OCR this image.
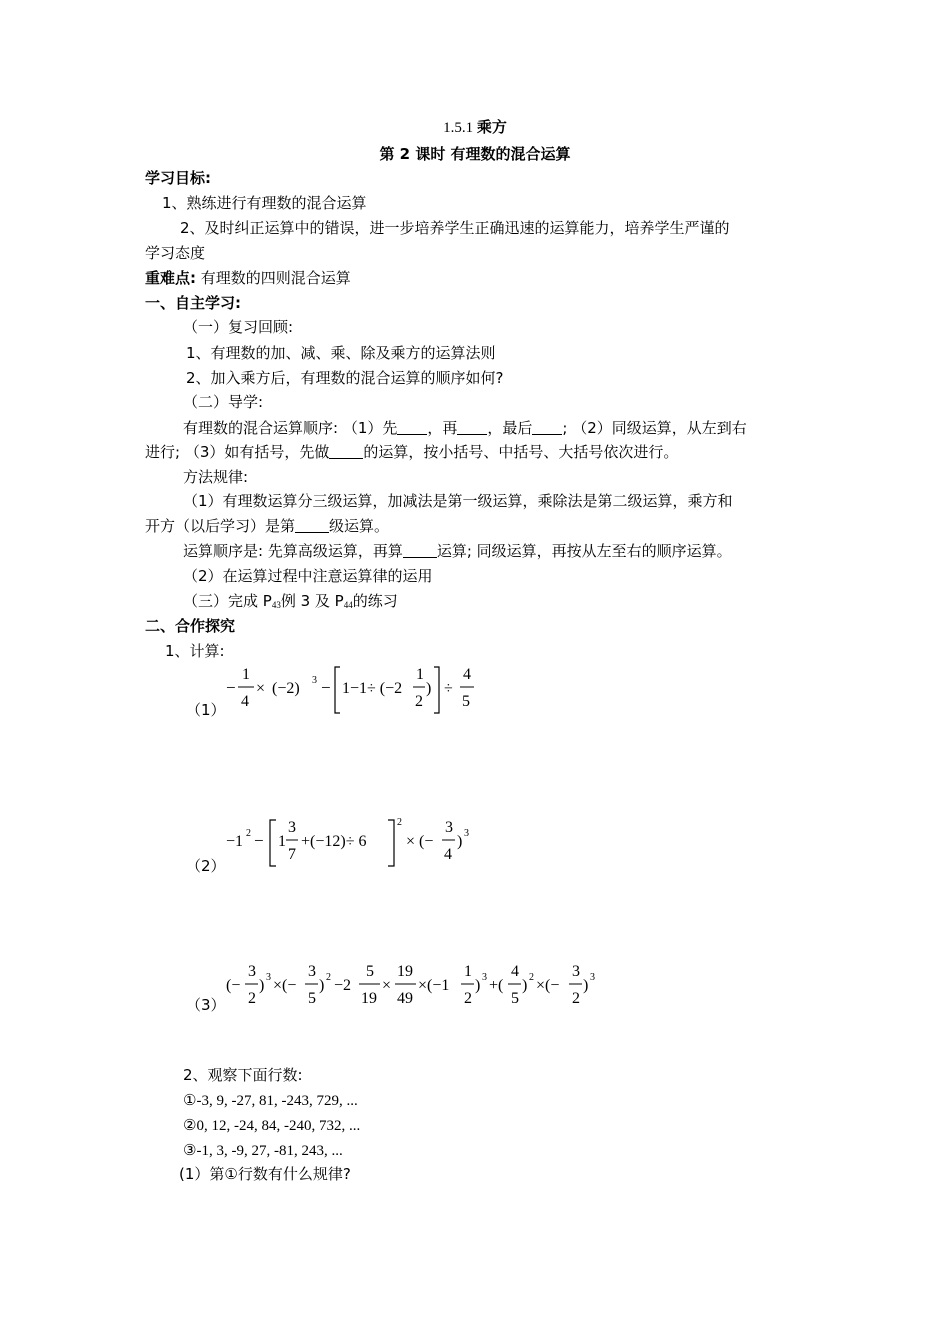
1.5.1 乘方
第 2 课时 有理数的混合运算
学习目标:
1、熟练进行有理数的混合运算
2、及时纠正运算中的错误，进一步培养学生正确迅速的运算能力，培养学生严谨的
学习态度
重难点: 有理数的四则混合运算
一、自主学习:
（一）复习回顾:
1、有理数的加、减、乘、除及乘方的运算法则
2、加入乘方后，有理数的混合运算的顺序如何?
（二）导学:
有理数的混合运算顺序: （1）先 ，再 ，最后 ; （2）同级运算，从左到右
进行; （3）如有括号，先做 的运算，按小括号、中括号、大括号依次进行。
方法规律:
（1）有理数运算分三级运算，加减法是第一级运算，乘除法是第二级运算，乘方和
开方（以后学习）是第 级运算。
运算顺序是: 先算高级运算，再算 运算; 同级运算，再按从左至右的顺序运算。
（2）在运算过程中注意运算律的运用
（三）完成 P43例 3 及 P44的练习
二、合作探究
1、计算:
（1）
−
1
4
× (−2) 3 − 1−1÷ (−2
1
2
) ÷
4
5
（2）
−1 2 − 1
3
7
+(−12)÷ 6
2
× (−
3
4
) 3
（3）
(−
3
2
) 3 ×(−
3
5
) 2 −2
5
19
×
19
49
×(−1
1
2
) 3 +(
4
5
) 2 ×(−
3
2
) 3
2、观察下面行数:
①-3, 9, -27, 81, -243, 729, ...
②0, 12, -24, 84, -240, 732, ...
③-1, 3, -9, 27, -81, 243, ...
(1）第①行数有什么规律?
